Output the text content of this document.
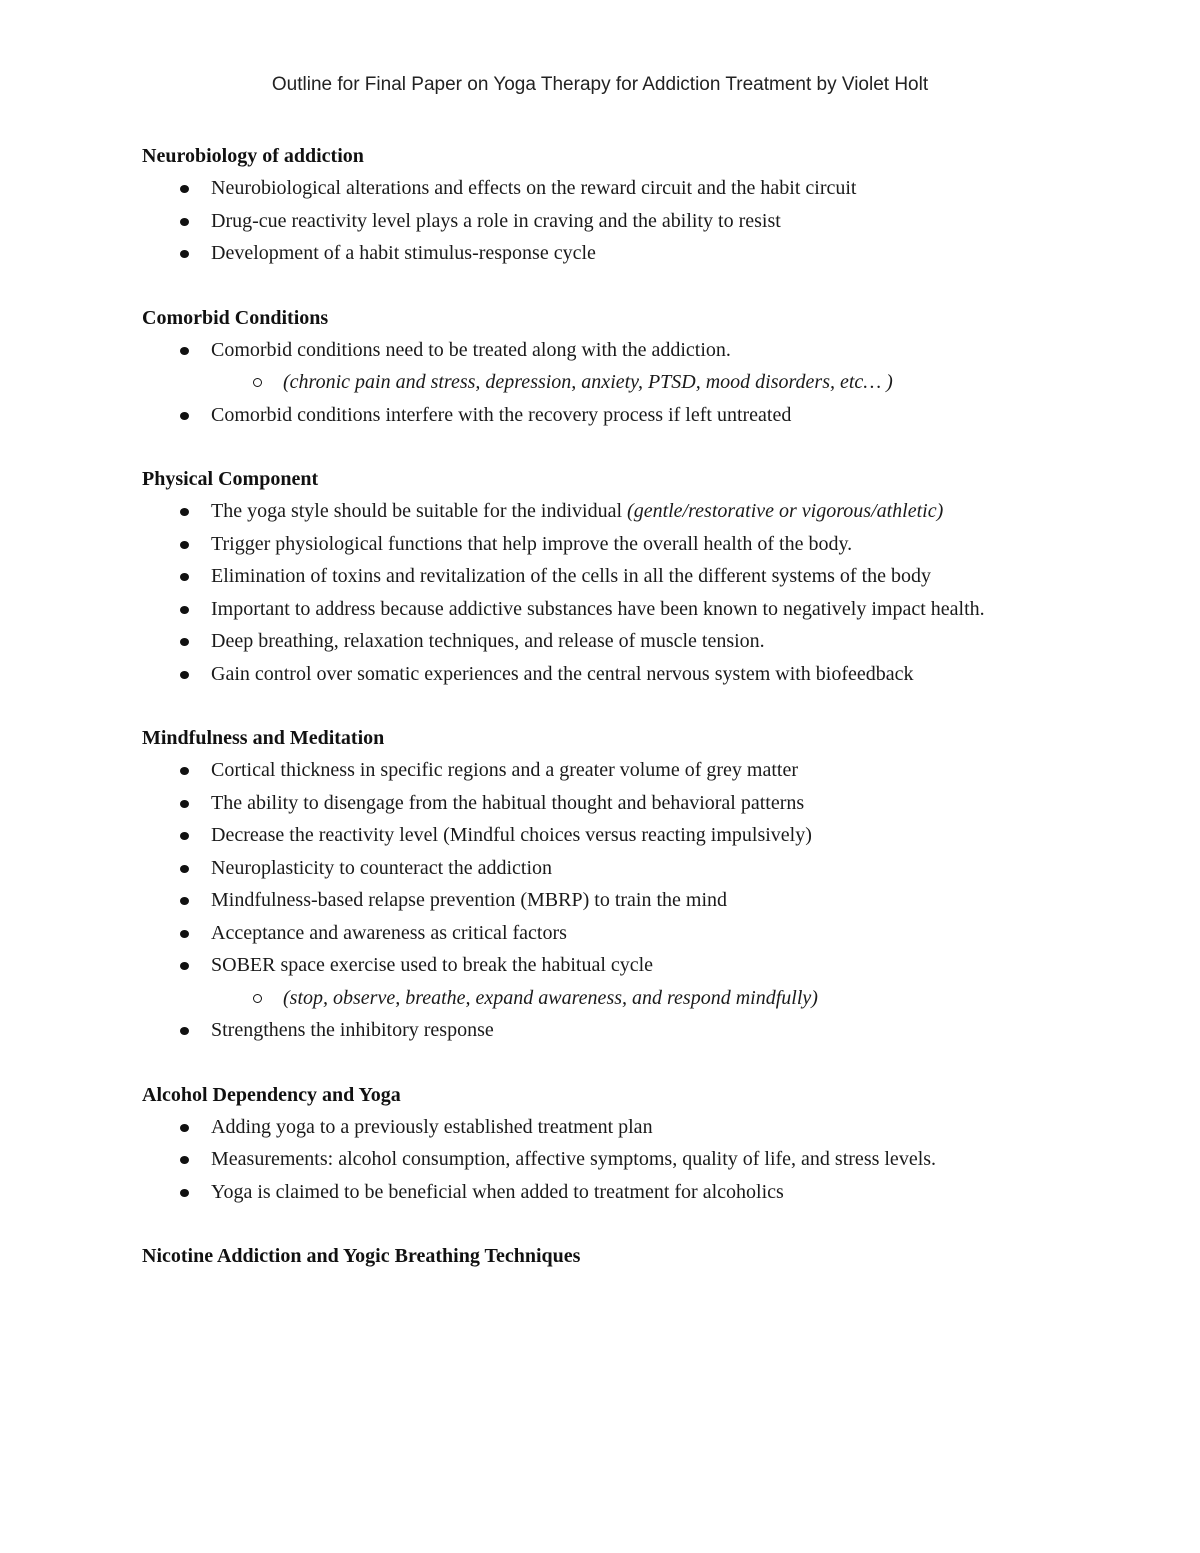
Outline for Final Paper on Yoga Therapy for Addiction Treatment by Violet Holt
Neurobiology of addiction
Neurobiological alterations and effects on the reward circuit and the habit circuit
Drug-cue reactivity level plays a role in craving and the ability to resist
Development of a habit stimulus-response cycle
Comorbid Conditions
Comorbid conditions need to be treated along with the addiction.
(chronic pain and stress, depression, anxiety, PTSD, mood disorders, etc… )
Comorbid conditions interfere with the recovery process if left untreated
Physical Component
The yoga style should be suitable for the individual (gentle/restorative or vigorous/athletic)
Trigger physiological functions that help improve the overall health of the body.
Elimination of toxins and revitalization of the cells in all the different systems of the body
Important to address because addictive substances have been known to negatively impact health.
Deep breathing, relaxation techniques, and release of muscle tension.
Gain control over somatic experiences and the central nervous system with biofeedback
Mindfulness and Meditation
Cortical thickness in specific regions and a greater volume of grey matter
The ability to disengage from the habitual thought and behavioral patterns
Decrease the reactivity level (Mindful choices versus reacting impulsively)
Neuroplasticity to counteract the addiction
Mindfulness-based relapse prevention (MBRP) to train the mind
Acceptance and awareness as critical factors
SOBER space exercise used to break the habitual cycle
(stop, observe, breathe, expand awareness, and respond mindfully)
Strengthens the inhibitory response
Alcohol Dependency and Yoga
Adding yoga to a previously established treatment plan
Measurements: alcohol consumption, affective symptoms, quality of life, and stress levels.
Yoga is claimed to be beneficial when added to treatment for alcoholics
Nicotine Addiction and Yogic Breathing Techniques
